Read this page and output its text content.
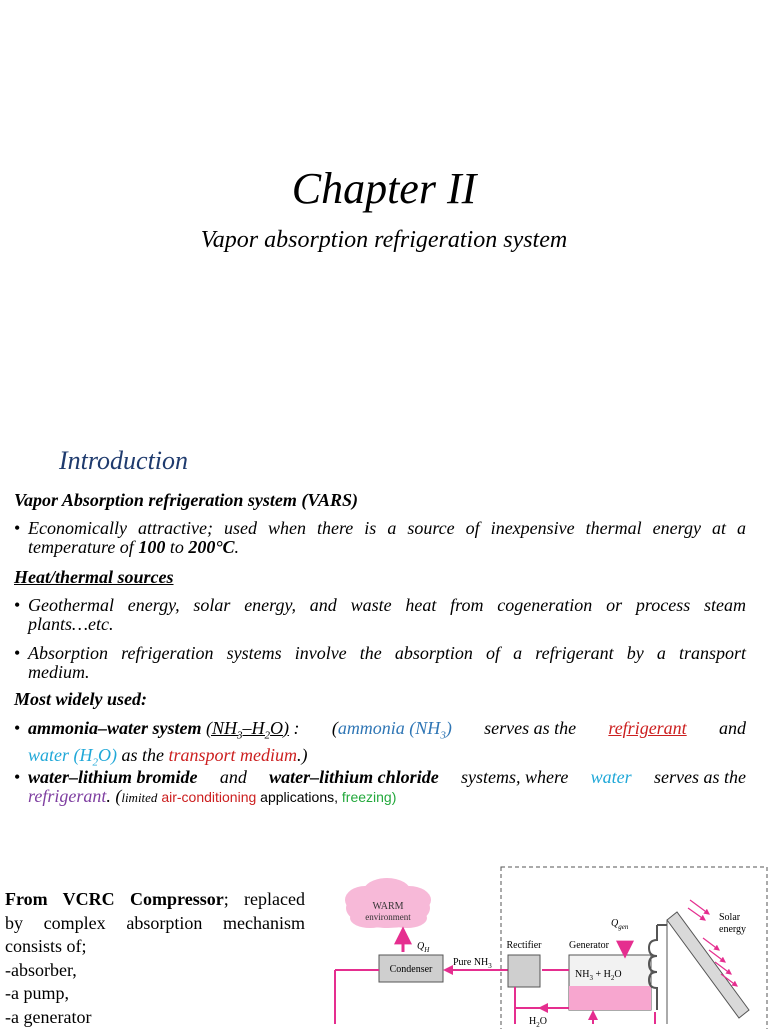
Chapter II
Vapor absorption refrigeration system
Introduction
Vapor Absorption refrigeration system (VARS)
• Economically attractive; used when there is a source of inexpensive thermal energy at a
temperature of 100 to 200°C.
Heat/thermal sources
• Geothermal energy, solar energy, and waste heat from cogeneration or process steam
plants…etc.
• Absorption refrigeration systems involve the absorption of a refrigerant by a transport
medium.
Most widely used:
• ammonia–water system $(NH_3-H_2O)$ : (ammonia $(NH_3)$ serves as the refrigerant and
water $(H_2O)$ as the transport medium.)
• water–lithium bromide and water–lithium chloride systems, where water serves as the
refrigerant. (limited air-conditioning applications, freezing)
From VCRC Compressor; replaced
by complex absorption mechanism
consists of;
-absorber,
-a pump,
-a generator
WARM
environment
$Q_H$
Condenser
Pure $NH_3$
Rectifier	Generator
$NH_3 + H_2O$
$Q_{gen}$
Solar
energy
$H_2O$
